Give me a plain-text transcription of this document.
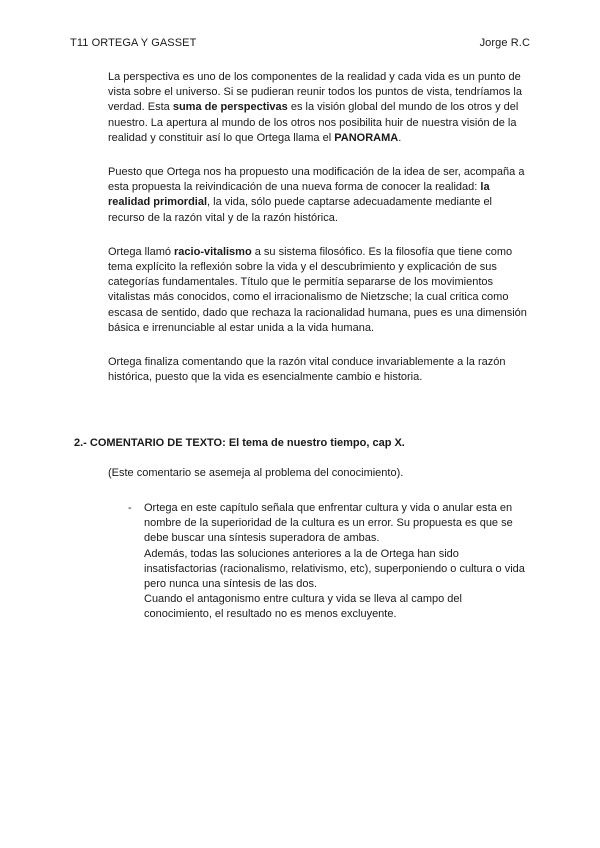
T11 ORTEGA Y GASSET	Jorge R.C

La perspectiva es uno de los componentes de la realidad y cada vida es un punto de vista sobre el universo. Si se pudieran reunir todos los puntos de vista, tendríamos la verdad. Esta suma de perspectivas es la visión global del mundo de los otros y del nuestro. La apertura al mundo de los otros nos posibilita huir de nuestra visión de la realidad y constituir así lo que Ortega llama el PANORAMA.

Puesto que Ortega nos ha propuesto una modificación de la idea de ser, acompaña a esta propuesta la reivindicación de una nueva forma de conocer la realidad: la realidad primordial, la vida, sólo puede captarse adecuadamente mediante el recurso de la razón vital y de la razón histórica.

Ortega llamó racio-vitalismo a su sistema filosófico. Es la filosofía que tiene como tema explícito la reflexión sobre la vida y el descubrimiento y explicación de sus categorías fundamentales. Título que le permitía separarse de los movimientos vitalistas más conocidos, como el irracionalismo de Nietzsche; la cual critica como escasa de sentido, dado que rechaza la racionalidad humana, pues es una dimensión básica e irrenunciable al estar unida a la vida humana.

Ortega finaliza comentando que la razón vital conduce invariablemente a la razón histórica, puesto que la vida es esencialmente cambio e historia.

2.- COMENTARIO DE TEXTO: El tema de nuestro tiempo, cap X.
(Este comentario se asemeja al problema del conocimiento).
- Ortega en este capítulo señala que enfrentar cultura y vida o anular esta en nombre de la superioridad de la cultura es un error. Su propuesta es que se debe buscar una síntesis superadora de ambas.
Además, todas las soluciones anteriores a la de Ortega han sido insatisfactorias (racionalismo, relativismo, etc), superponiendo o cultura o vida pero nunca una síntesis de las dos.
Cuando el antagonismo entre cultura y vida se lleva al campo del conocimiento, el resultado no es menos excluyente.
